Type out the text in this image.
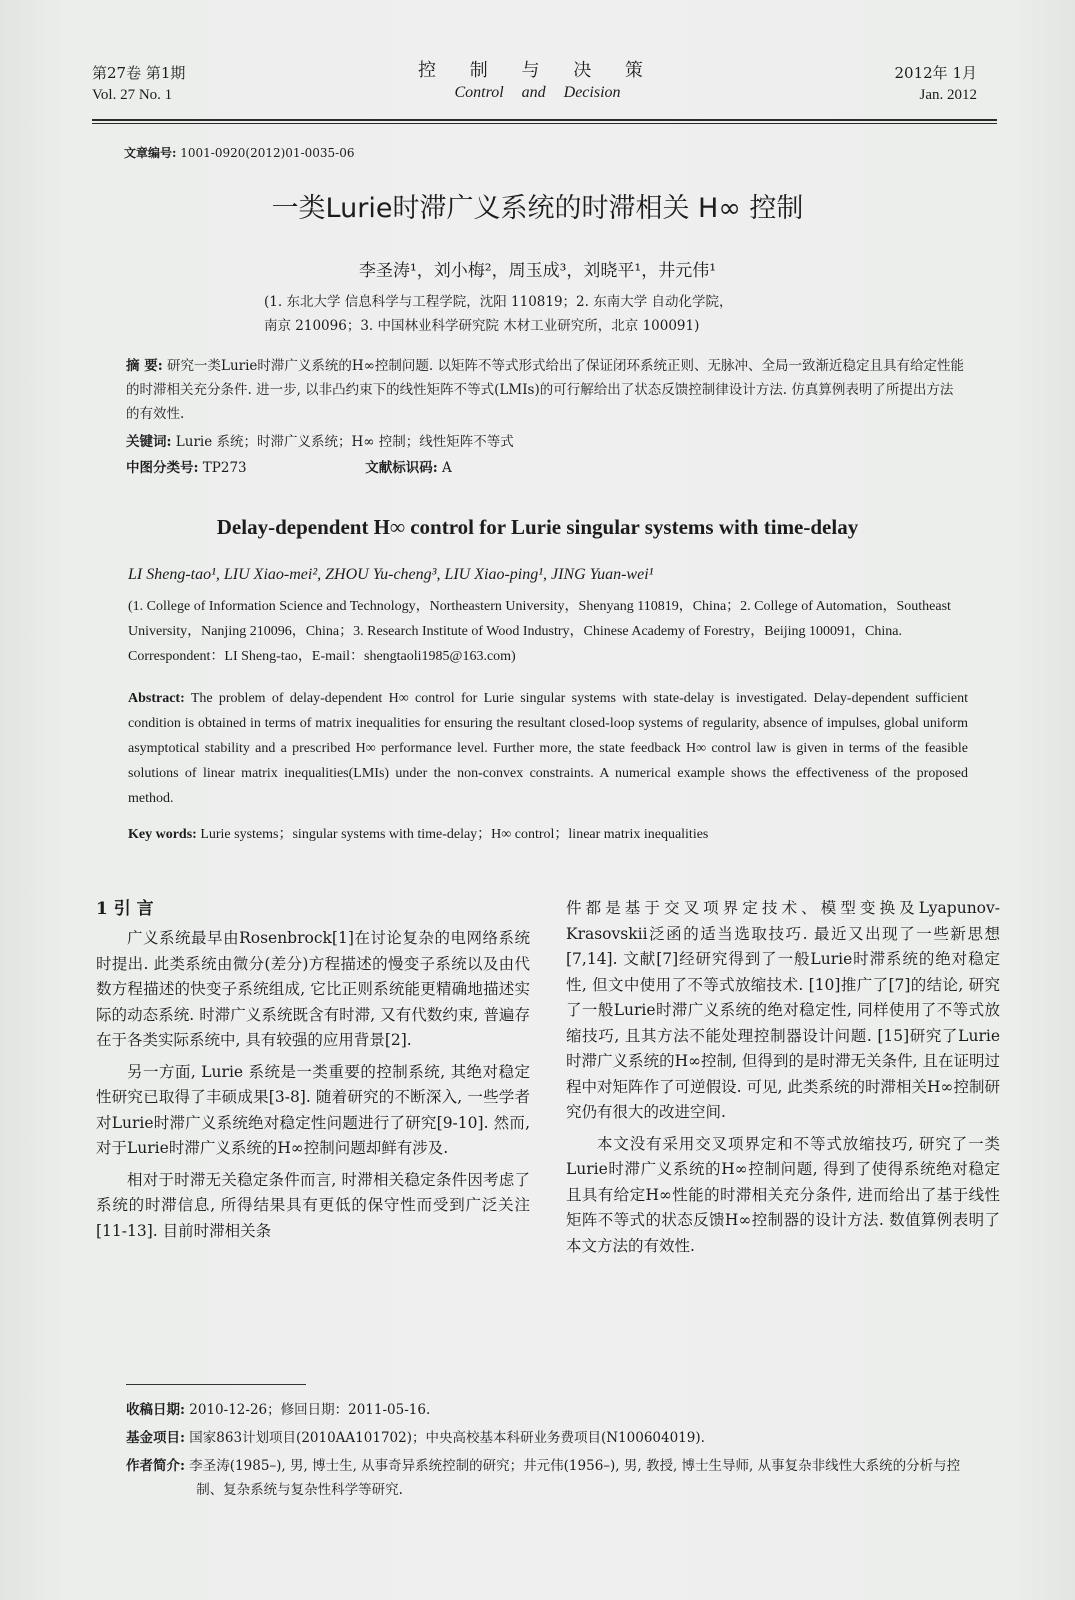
第27卷 第1期
Vol. 27 No. 1
控 制 与 决 策
Control and Decision
2012年 1月
Jan. 2012
文章编号: 1001-0920(2012)01-0035-06
一类Lurie时滞广义系统的时滞相关 H∞ 控制
李圣涛¹，刘小梅²，周玉成³，刘晓平¹，井元伟¹
(1. 东北大学 信息科学与工程学院，沈阳 110819；2. 东南大学 自动化学院，
南京 210096；3. 中国林业科学研究院 木材工业研究所，北京 100091)
摘 要: 研究一类Lurie时滞广义系统的H∞控制问题. 以矩阵不等式形式给出了保证闭环系统正则、无脉冲、全局一致渐近稳定且具有给定性能的时滞相关充分条件. 进一步, 以非凸约束下的线性矩阵不等式(LMIs)的可行解给出了状态反馈控制律设计方法. 仿真算例表明了所提出方法的有效性.
关键词: Lurie 系统；时滞广义系统；H∞ 控制；线性矩阵不等式
中图分类号: TP273	文献标识码: A
Delay-dependent H∞ control for Lurie singular systems with time-delay
LI Sheng-tao¹, LIU Xiao-mei², ZHOU Yu-cheng³, LIU Xiao-ping¹, JING Yuan-wei¹
(1. College of Information Science and Technology，Northeastern University，Shenyang 110819，China；2. College of Automation，Southeast University，Nanjing 210096，China；3. Research Institute of Wood Industry，Chinese Academy of Forestry，Beijing 100091，China. Correspondent：LI Sheng-tao，E-mail：shengtaoli1985@163.com)
Abstract: The problem of delay-dependent H∞ control for Lurie singular systems with state-delay is investigated. Delay-dependent sufficient condition is obtained in terms of matrix inequalities for ensuring the resultant closed-loop systems of regularity, absence of impulses, global uniform asymptotical stability and a prescribed H∞ performance level. Further more, the state feedback H∞ control law is given in terms of the feasible solutions of linear matrix inequalities(LMIs) under the non-convex constraints. A numerical example shows the effectiveness of the proposed method.
Key words: Lurie systems；singular systems with time-delay；H∞ control；linear matrix inequalities
1 引 言

广义系统最早由Rosenbrock[1]在讨论复杂的电网络系统时提出. 此类系统由微分(差分)方程描述的慢变子系统以及由代数方程描述的快变子系统组成, 它比正则系统能更精确地描述实际的动态系统. 时滞广义系统既含有时滞, 又有代数约束, 普遍存在于各类实际系统中, 具有较强的应用背景[2].

另一方面, Lurie 系统是一类重要的控制系统, 其绝对稳定性研究已取得了丰硕成果[3-8]. 随着研究的不断深入, 一些学者对Lurie时滞广义系统绝对稳定性问题进行了研究[9-10]. 然而, 对于Lurie时滞广义系统的H∞控制问题却鲜有涉及.

相对于时滞无关稳定条件而言, 时滞相关稳定条件因考虑了系统的时滞信息, 所得结果具有更低的保守性而受到广泛关注[11-13]. 目前时滞相关条

件都是基于交叉项界定技术、模型变换及Lyapunov-Krasovskii泛函的适当选取技巧. 最近又出现了一些新思想[7,14]. 文献[7]经研究得到了一般Lurie时滞系统的绝对稳定性, 但文中使用了不等式放缩技术. [10]推广了[7]的结论, 研究了一般Lurie时滞广义系统的绝对稳定性, 同样使用了不等式放缩技巧, 且其方法不能处理控制器设计问题. [15]研究了Lurie时滞广义系统的H∞控制, 但得到的是时滞无关条件, 且在证明过程中对矩阵作了可逆假设. 可见, 此类系统的时滞相关H∞控制研究仍有很大的改进空间.

本文没有采用交叉项界定和不等式放缩技巧, 研究了一类Lurie时滞广义系统的H∞控制问题, 得到了使得系统绝对稳定且具有给定H∞性能的时滞相关充分条件, 进而给出了基于线性矩阵不等式的状态反馈H∞控制器的设计方法. 数值算例表明了本文方法的有效性.

收稿日期: 2010-12-26；修回日期：2011-05-16.
基金项目: 国家863计划项目(2010AA101702)；中央高校基本科研业务费项目(N100604019).
作者简介: 李圣涛(1985–), 男, 博士生, 从事奇异系统控制的研究；井元伟(1956–), 男, 教授, 博士生导师, 从事复杂非线性大系统的分析与控制、复杂系统与复杂性科学等研究.
